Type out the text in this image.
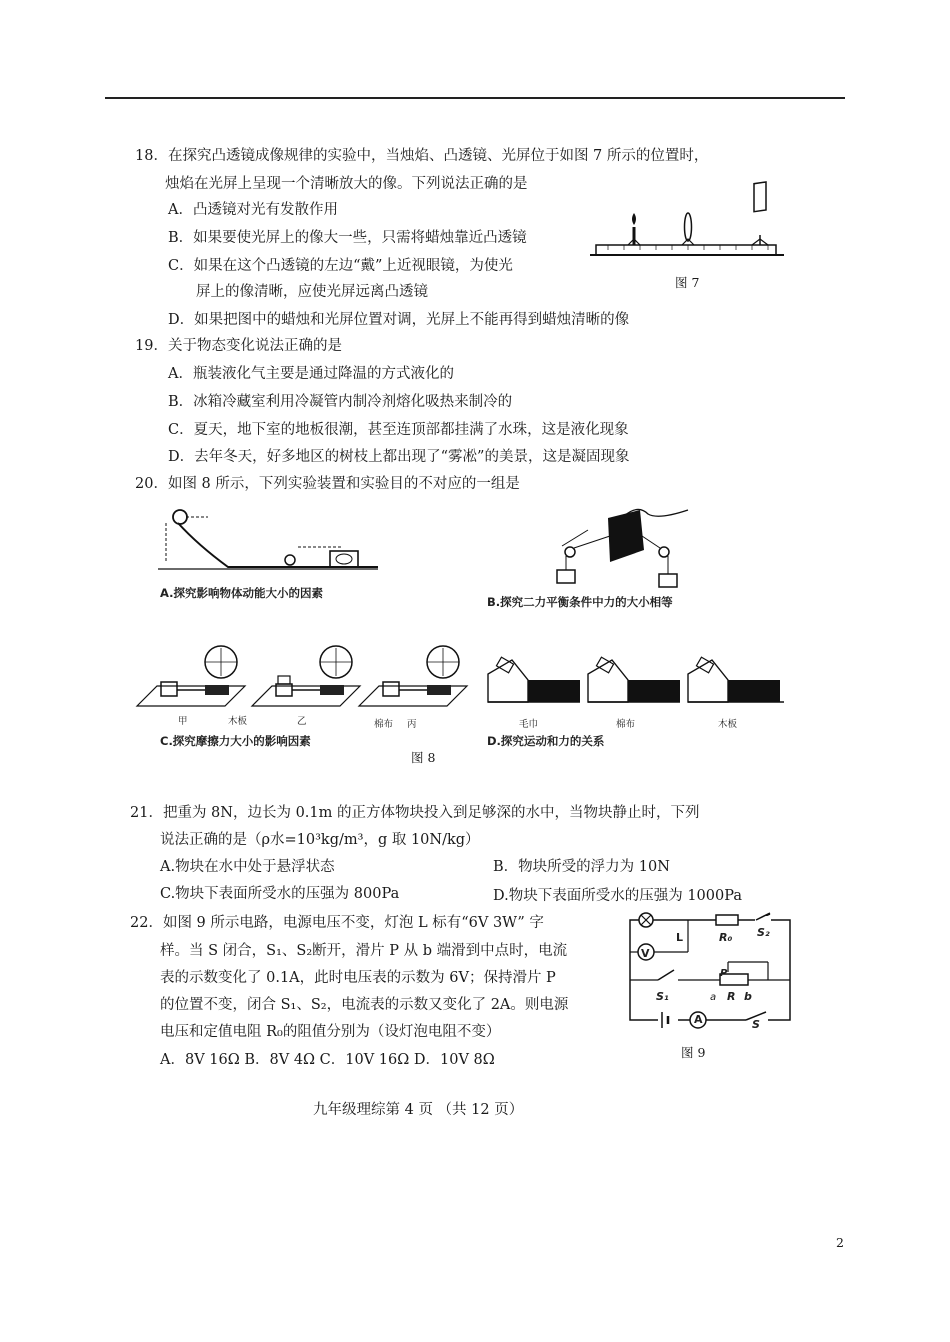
18．在探究凸透镜成像规律的实验中，当烛焰、凸透镜、光屏位于如图 7 所示的位置时，
烛焰在光屏上呈现一个清晰放大的像。下列说法正确的是
A．凸透镜对光有发散作用
B．如果要使光屏上的像大一些，只需将蜡烛靠近凸透镜
C．如果在这个凸透镜的左边“戴”上近视眼镜，为使光
屏上的像清晰，应使光屏远离凸透镜
D．如果把图中的蜡烛和光屏位置对调，光屏上不能再得到蜡烛清晰的像
图 7
19．关于物态变化说法正确的是
A．瓶装液化气主要是通过降温的方式液化的
B．冰箱冷藏室利用冷凝管内制冷剂熔化吸热来制冷的
C．夏天，地下室的地板很潮，甚至连顶部都挂满了水珠，这是液化现象
D．去年冬天，好多地区的树枝上都出现了“雾凇”的美景，这是凝固现象
20．如图 8 所示，下列实验装置和实验目的不对应的一组是
A.探究影响物体动能大小的因素
B.探究二力平衡条件中力的大小相等
甲	木板	乙	棉布 丙
C.探究摩擦力大小的影响因素
毛巾	棉布	木板
D.探究运动和力的关系
图 8
21．把重为 8N，边长为 0.1m 的正方体物块投入到足够深的水中，当物块静止时，下列
说法正确的是（ρ水=10³kg/m³，g 取 10N/kg）
A.物块在水中处于悬浮状态	B．物块所受的浮力为 10N
C.物块下表面所受水的压强为 800Pa	D.物块下表面所受水的压强为 1000Pa
22．如图 9 所示电路，电源电压不变，灯泡 L 标有“6V 3W” 字
样。当 S 闭合，S₁、S₂断开，滑片 P 从 b 端滑到中点时，电流
表的示数变化了 0.1A，此时电压表的示数为 6V；保持滑片 P
的位置不变，闭合 S₁、S₂，电流表的示数又变化了 2A。则电源
电压和定值电阻 R₀的阻值分别为（设灯泡电阻不变）
A．8V 16Ω B．8V 4Ω C．10V 16Ω D．10V 8Ω
L	R₀ S₂
V
P
S₁	a R b
A	S
图 9
九年级理综第 4 页 （共 12 页）
2
